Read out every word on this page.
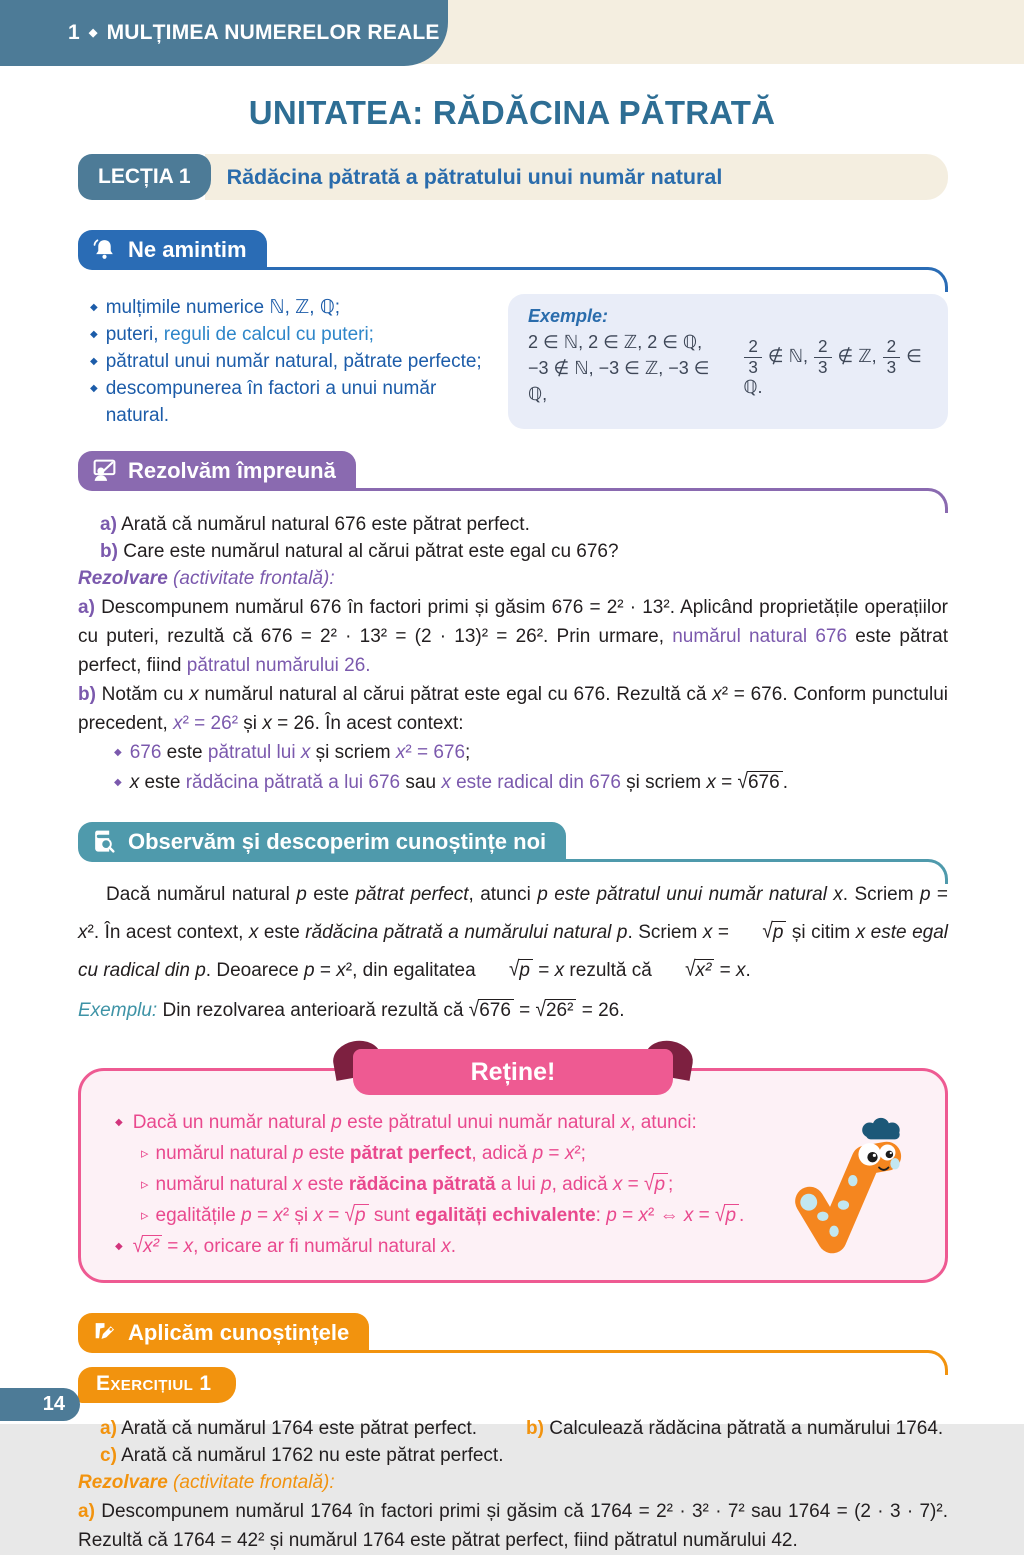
1 ◆ MULȚIMEA NUMERELOR REALE
UNITATEA: RĂDĂCINA PĂTRATĂ
LECȚIA 1	Rădăcina pătrată a pătratului unui număr natural
Ne amintim
◆ mulțimile numerice ℕ, ℤ, ℚ;
◆ puteri, reguli de calcul cu puteri;
◆ pătratul unui număr natural, pătrate perfecte;
◆ descompunerea în factori a unui număr natural.
Exemple:
2 ∈ ℕ, 2 ∈ ℤ, 2 ∈ ℚ,
−3 ∉ ℕ, −3 ∈ ℤ, −3 ∈ ℚ,
$\frac{2}{3}$ ∉ ℕ, $\frac{2}{3}$ ∉ ℤ, $\frac{2}{3}$ ∈ ℚ.
Rezolvăm împreună
a) Arată că numărul natural 676 este pătrat perfect.
b) Care este numărul natural al cărui pătrat este egal cu 676?
Rezolvare (activitate frontală):

a) Descompunem numărul 676 în factori primi și găsim 676 = 2² · 13². Aplicând proprietățile operațiilor cu puteri, rezultă că 676 = 2² · 13² = (2 · 13)² = 26². Prin urmare, numărul natural 676 este pătrat perfect, fiind pătratul numărului 26.

b) Notăm cu x numărul natural al cărui pătrat este egal cu 676. Rezultă că x² = 676. Conform punctului precedent, x² = 26² și x = 26. În acest context:

◆ 676 este pătratul lui x și scriem x² = 676;
◆ x este rădăcina pătrată a lui 676 sau x este radical din 676 și scriem x = √676 .
Observăm și descoperim cunoștințe noi

Dacă numărul natural p este pătrat perfect, atunci p este pătratul unui număr natural x. Scriem p = x². În acest context, x este rădăcina pătrată a numărului natural p. Scriem x = √p și citim x este egal cu radical din p. Deoarece p = x², din egalitatea √p = x rezultă că √x² = x.

Exemplu: Din rezolvarea anterioară rezultă că √676 = √26² = 26.
Reține!
◆ Dacă un număr natural p este pătratul unui număr natural x, atunci:
▹ numărul natural p este pătrat perfect, adică p = x²;
▹ numărul natural x este rădăcina pătrată a lui p, adică x = √p ;
▹ egalitățile p = x² și x = √p sunt egalități echivalente: p = x² ⇔ x = √p .
◆ √x² = x, oricare ar fi numărul natural x.
Aplicăm cunoștințele
Exercițiul 1
a) Arată că numărul 1764 este pătrat perfect.	b) Calculează rădăcina pătrată a numărului 1764.
c) Arată că numărul 1762 nu este pătrat perfect.
Rezolvare (activitate frontală):

a) Descompunem numărul 1764 în factori primi și găsim că 1764 = 2² · 3² · 7² sau 1764 = (2 · 3 · 7)². Rezultă că 1764 = 42² și numărul 1764 este pătrat perfect, fiind pătratul numărului 42.

14
